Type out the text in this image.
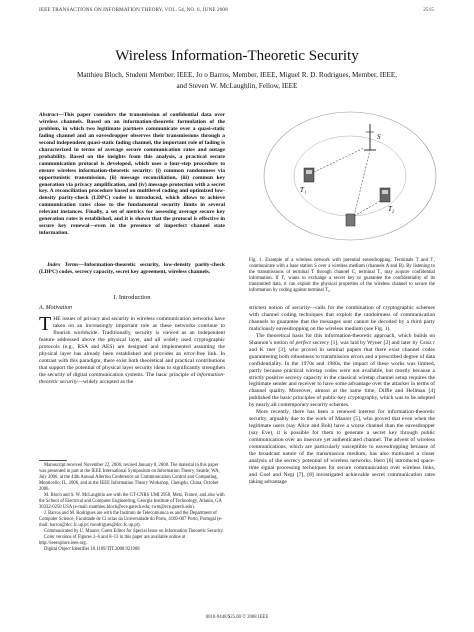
IEEE TRANSACTIONS ON INFORMATION THEORY, VOL. 54, NO. 6, JUNE 2008	2515
Wireless Information-Theoretic Security
Matthieu Bloch, Student Member, IEEE, Jo o Barros, Member, IEEE, Miguel R. D. Rodrigues, Member, IEEE,
and Steven W. McLaughlin, Fellow, IEEE

Abstract—This paper considers the transmission of confidential data over wireless channels. Based on an information-theoretic formulation of the problem, in which two legitimate partners communicate over a quasi-static fading channel and an eavesdropper observes their transmissions through a second independent quasi-static fading channel, the important role of fading is characterized in terms of average secure communication rates and outage probability. Based on the insights from this analysis, a practical secure communication protocol is developed, which uses a four-step procedure to ensure wireless information-theoretic security: (i) common randomness via opportunistic transmission, (ii) message reconciliation, (iii) common key generation via privacy amplification, and (iv) message protection with a secret key. A reconciliation procedure based on multilevel coding and optimized low-density parity-check (LDPC) codes is introduced, which allows to achieve communication rates close to the fundamental security limits in several relevant instances. Finally, a set of metrics for assessing average secure key generation rates is established, and it is shown that the protocol is effective in secure key renewal—even in the presence of imperfect channel state information.

Index Terms—Information-theoretic security, low-density parity-check (LDPC) codes, secrecy capacity, secret key agreement, wireless channels.

I. Introduction
A. Motivation

THE issues of privacy and security in wireless communication networks have taken on an increasingly important role as these networks continue to flourish worldwide. Traditionally, security is viewed as an independent feature addressed above the physical layer, and all widely used cryptographic protocols (e.g., RSA and AES) are designed and implemented assuming the physical layer has already been established and provides an error-free link. In contrast with this paradigm, there exist both theoretical and practical contributions that support the potential of physical layer security ideas to significantly strengthen the security of digital communication systems. The basic principle of information-theoretic security—widely accepted as the

Manuscript received November 22, 2006; revised January 8, 2008. The material in this paper was presented in part at the IEEE International Symposium on Information Theory, Seattle, WA, July 2006, at the 44th Annual Allerton Conference on Communication Control and Computing, Monticello, IL, 2006, and at the IEEE Information Theory Workshop, Chengdu, China, October 2006.

M. Bloch and S. W. McLaughlin are with the GT-CNRS UMI 2958, Metz, France, and also with the School of Electrical and Computer Engineering, Georgia Institute of Technology, Atlanta, GA 30332-0250 USA (e-mail: matthieu.bloch@ece.gatech.edu; swm@ece.gatech.edu).

J. Barros and M. Rodrigues are with the Instituto de Telecomunica es and the Department of Computer Science, Faculdade de Ci ncias da Universidade do Porto, 4169-007 Porto, Portugal (e-mail: barros@dcc.fc.up.pt; mrodrigues@dcc.fc.up.pt).

Communicated by U. Maurer, Guest Editor for Special Issue on Information Theoretic Security.

Color versions of Figures 2–6 and 8–13 in this paper are available online at http://ieeexplore.ieee.org.

Digital Object Identifier 10.1109/TIT.2008.921908

S
T₁
T₂
Fig. 1. Example of a wireless network with potential eavesdropping. Terminals T and T₁ communicate with a base station S over a wireless medium (channels A and B). By listening to the transmissions of terminal T through channel C, terminal T₂ may acquire confidential information. If T₁ wants to exchange a secret key or guarantee the confidentiality of its transmitted data, it can exploit the physical properties of the wireless channel to secure the information by coding against terminal T₂.

strictest notion of security—calls for the combination of cryptographic schemes with channel coding techniques that exploit the randomness of communication channels to guarantee that the messages sent cannot be decoded by a third party maliciously eavesdropping on the wireless medium (see Fig. 1).

The theoretical basis for this information-theoretic approach, which builds on Shannon’s notion of perfect secrecy [1], was laid by Wyner [2] and later by Csisz r and K rner [3], who proved in seminal papers that there exist channel codes guaranteeing both robustness to transmission errors and a prescribed degree of data confidentiality. In the 1970s and 1980s, the impact of these works was limited, partly because practical wiretap codes were not available, but mostly because a strictly positive secrecy capacity in the classical wiretap channel setup requires the legitimate sender and receiver to have some advantage over the attacker in terms of channel quality. Moreover, almost at the same time, Diffie and Hellman [4] published the basic principles of public-key cryptography, which was to be adopted by nearly all contemporary security schemes.

More recently, there has been a renewed interest for information-theoretic security, arguably due to the work of Maurer [5], who proved that even when the legitimate users (say Alice and Bob) have a worse channel than the eavesdropper (say Eve), it is possible for them to generate a secret key through public communication over an insecure yet authenticated channel. The advent of wireless communications, which are particularly susceptible to eavesdropping because of the broadcast nature of the transmission medium, has also motivated a closer analysis of the secrecy potential of wireless networks. Hero [6] introduced space-time signal processing techniques for secure communication over wireless links, and Goel and Negi [7], [8] investigated achievable secret communication rates taking advantage

0018-9448/$25.00 © 2008 IEEE
